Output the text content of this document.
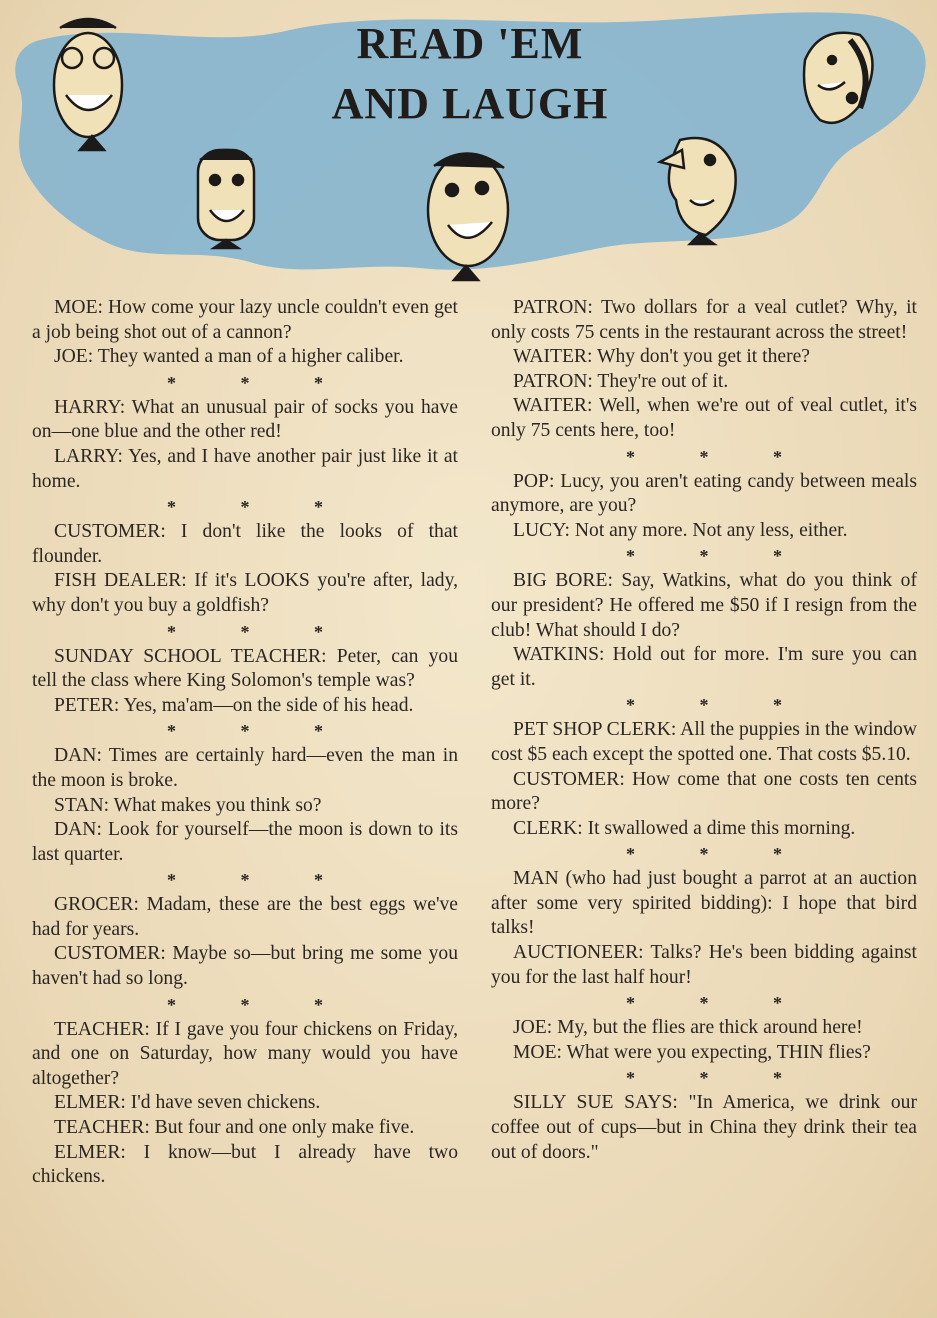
READ 'EM
AND LAUGH

MOE: How come your lazy uncle couldn't even get a job being shot out of a cannon?

JOE: They wanted a man of a higher caliber.

* * *

HARRY: What an unusual pair of socks you have on—one blue and the other red!

LARRY: Yes, and I have another pair just like it at home.

* * *

CUSTOMER: I don't like the looks of that flounder.

FISH DEALER: If it's LOOKS you're after, lady, why don't you buy a goldfish?

* * *

SUNDAY SCHOOL TEACHER: Peter, can you tell the class where King Solomon's temple was?

PETER: Yes, ma'am—on the side of his head.

* * *

DAN: Times are certainly hard—even the man in the moon is broke.

STAN: What makes you think so?

DAN: Look for yourself—the moon is down to its last quarter.

* * *

GROCER: Madam, these are the best eggs we've had for years.

CUSTOMER: Maybe so—but bring me some you haven't had so long.

* * *

TEACHER: If I gave you four chickens on Friday, and one on Saturday, how many would you have altogether?

ELMER: I'd have seven chickens.

TEACHER: But four and one only make five.

ELMER: I know—but I already have two chickens.

PATRON: Two dollars for a veal cutlet? Why, it only costs 75 cents in the restaurant across the street!

WAITER: Why don't you get it there?

PATRON: They're out of it.

WAITER: Well, when we're out of veal cutlet, it's only 75 cents here, too!

* * *

POP: Lucy, you aren't eating candy between meals anymore, are you?

LUCY: Not any more. Not any less, either.

* * *

BIG BORE: Say, Watkins, what do you think of our president? He offered me $50 if I resign from the club! What should I do?

WATKINS: Hold out for more. I'm sure you can get it.

* * *

PET SHOP CLERK: All the puppies in the window cost $5 each except the spotted one. That costs $5.10.

CUSTOMER: How come that one costs ten cents more?

CLERK: It swallowed a dime this morning.

* * *

MAN (who had just bought a parrot at an auction after some very spirited bidding): I hope that bird talks!

AUCTIONEER: Talks? He's been bidding against you for the last half hour!

* * *

JOE: My, but the flies are thick around here!

MOE: What were you expecting, THIN flies?

* * *

SILLY SUE SAYS: "In America, we drink our coffee out of cups—but in China they drink their tea out of doors."
